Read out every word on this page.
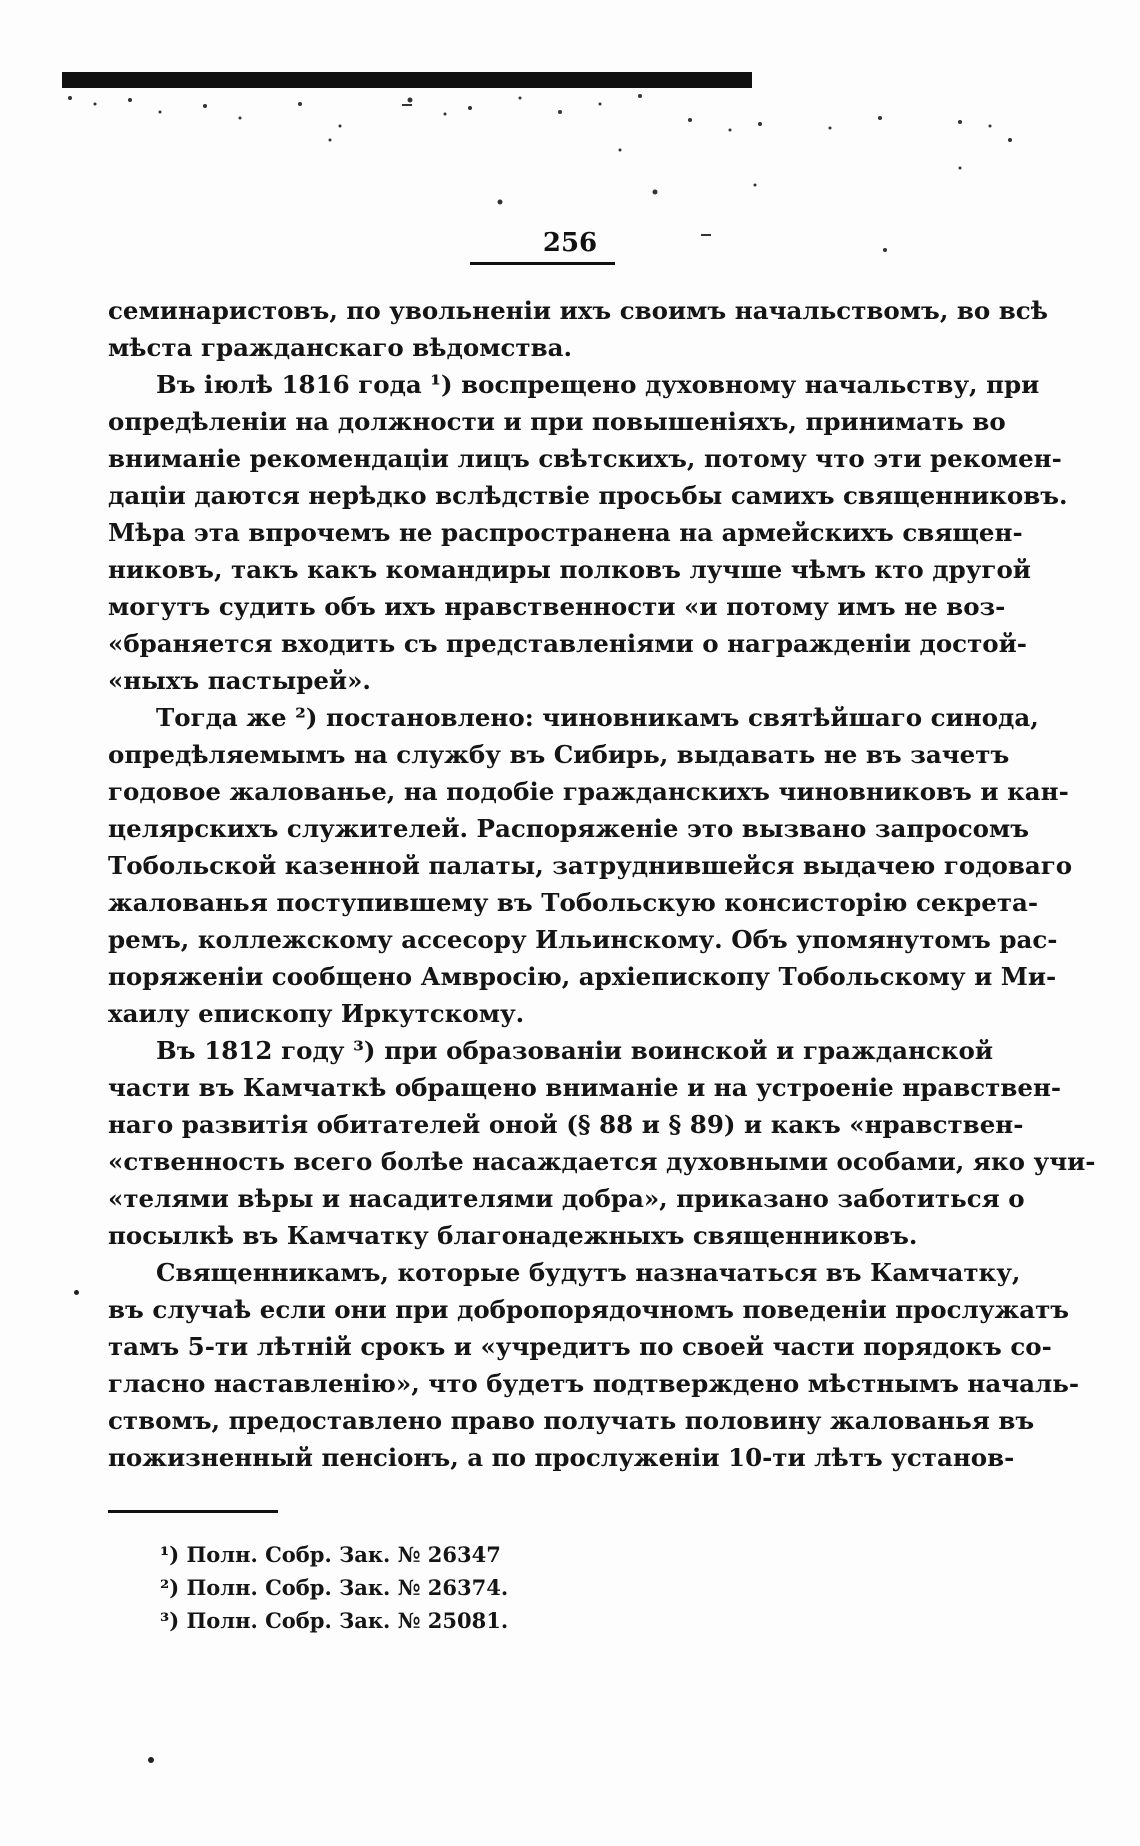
256
семинаристовъ, по увольненіи ихъ своимъ начальствомъ, во всѣ
мѣста гражданскаго вѣдомства.
Въ іюлѣ 1816 года ¹) воспрещено духовному начальству, при
опредѣленіи на должности и при повышеніяхъ, принимать во
вниманіе рекомендаціи лицъ свѣтскихъ, потому что эти рекомен-
даціи даются нерѣдко вслѣдствіе просьбы самихъ священниковъ.
Мѣра эта впрочемъ не распространена на армейскихъ священ-
никовъ, такъ какъ командиры полковъ лучше чѣмъ кто другой
могутъ судить объ ихъ нравственности «и потому имъ не воз-
«браняется входить съ представленіями о награжденіи достой-
«ныхъ пастырей».
Тогда же ²) постановлено: чиновникамъ святѣйшаго синода,
опредѣляемымъ на службу въ Сибирь, выдавать не въ зачетъ
годовое жалованье, на подобіе гражданскихъ чиновниковъ и кан-
целярскихъ служителей. Распоряженіе это вызвано запросомъ
Тобольской казенной палаты, затруднившейся выдачею годоваго
жалованья поступившему въ Тобольскую консисторію секрета-
ремъ, коллежскому ассесору Ильинскому. Объ упомянутомъ рас-
поряженіи сообщено Амвросію, архіепископу Тобольскому и Ми-
хаилу епископу Иркутскому.
Въ 1812 году ³) при образованіи воинской и гражданской
части въ Камчаткѣ обращено вниманіе и на устроеніе нравствен-
наго развитія обитателей оной (§ 88 и § 89) и какъ «нравствен-
«ственность всего болѣе насаждается духовными особами, яко учи-
«телями вѣры и насадителями добра», приказано заботиться о
посылкѣ въ Камчатку благонадежныхъ священниковъ.
Священникамъ, которые будутъ назначаться въ Камчатку,
въ случаѣ если они при добропорядочномъ поведеніи прослужатъ
тамъ 5-ти лѣтній срокъ и «учредитъ по своей части порядокъ со-
гласно наставленію», что будетъ подтверждено мѣстнымъ началь-
ствомъ, предоставлено право получать половину жалованья въ
пожизненный пенсіонъ, а по прослуженіи 10-ти лѣтъ установ-
¹) Полн. Собр. Зак. № 26347
²) Полн. Собр. Зак. № 26374.
³) Полн. Собр. Зак. № 25081.
